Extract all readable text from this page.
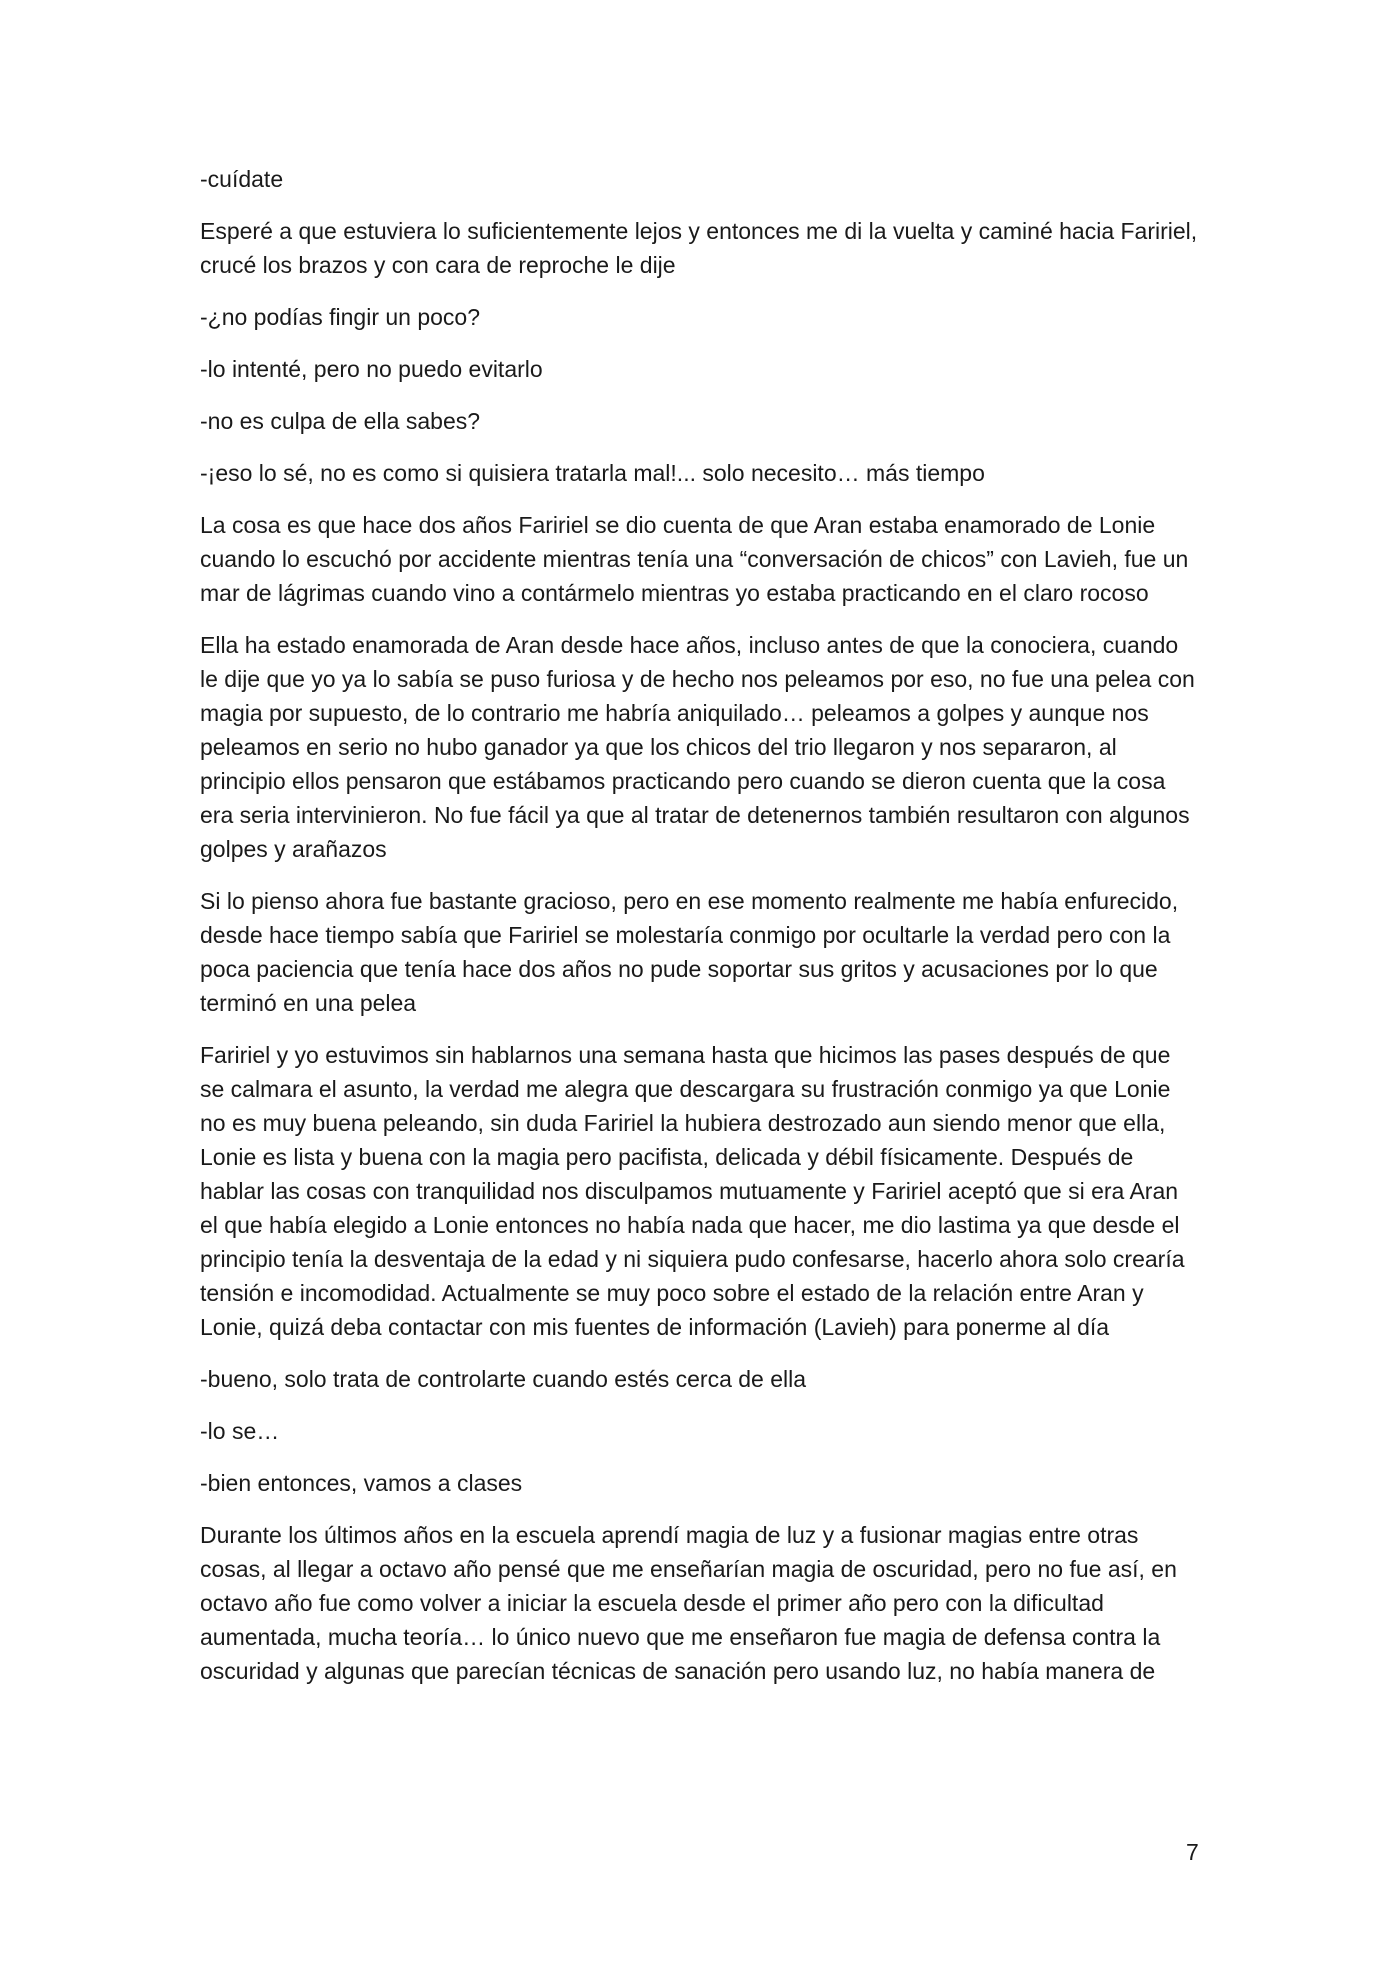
-cuídate

Esperé a que estuviera lo suficientemente lejos y entonces me di la vuelta y caminé hacia Faririel, crucé los brazos y con cara de reproche le dije

-¿no podías fingir un poco?

-lo intenté, pero no puedo evitarlo

-no es culpa de ella sabes?

-¡eso lo sé, no es como si quisiera tratarla mal!... solo necesito… más tiempo

La cosa es que hace dos años Faririel se dio cuenta de que Aran estaba enamorado de Lonie cuando lo escuchó por accidente mientras tenía una “conversación de chicos” con Lavieh, fue un mar de lágrimas cuando vino a contármelo mientras yo estaba practicando en el claro rocoso

Ella ha estado enamorada de Aran desde hace años, incluso antes de que la conociera, cuando le dije que yo ya lo sabía se puso furiosa y de hecho nos peleamos por eso, no fue una pelea con magia por supuesto, de lo contrario me habría aniquilado… peleamos a golpes y aunque nos peleamos en serio no hubo ganador ya que los chicos del trio llegaron y nos separaron, al principio ellos pensaron que estábamos practicando pero cuando se dieron cuenta que la cosa era seria intervinieron. No fue fácil ya que al tratar de detenernos también resultaron con algunos golpes y arañazos

Si lo pienso ahora fue bastante gracioso, pero en ese momento realmente me había enfurecido, desde hace tiempo sabía que Faririel se molestaría conmigo por ocultarle la verdad pero con la poca paciencia que tenía hace dos años no pude soportar sus gritos y acusaciones por lo que terminó en una pelea

Faririel y yo estuvimos sin hablarnos una semana hasta que hicimos las pases después de que se calmara el asunto, la verdad me alegra que descargara su frustración conmigo ya que Lonie no es muy buena peleando, sin duda Faririel la hubiera destrozado aun siendo menor que ella, Lonie es lista y buena con la magia pero pacifista, delicada y débil físicamente. Después de hablar las cosas con tranquilidad nos disculpamos mutuamente y Faririel aceptó que si era Aran el que había elegido a Lonie entonces no había nada que hacer, me dio lastima ya que desde el principio tenía la desventaja de la edad y ni siquiera pudo confesarse, hacerlo ahora solo crearía tensión e incomodidad. Actualmente se muy poco sobre el estado de la relación entre Aran y Lonie, quizá deba contactar con mis fuentes de información (Lavieh) para ponerme al día

-bueno, solo trata de controlarte cuando estés cerca de ella

-lo se…

-bien entonces, vamos a clases

Durante los últimos años en la escuela aprendí magia de luz y a fusionar magias entre otras cosas, al llegar a octavo año pensé que me enseñarían magia de oscuridad, pero no fue así, en octavo año fue como volver a iniciar la escuela desde el primer año pero con la dificultad aumentada, mucha teoría… lo único nuevo que me enseñaron fue magia de defensa contra la oscuridad y algunas que parecían técnicas de sanación pero usando luz, no había manera de

7
